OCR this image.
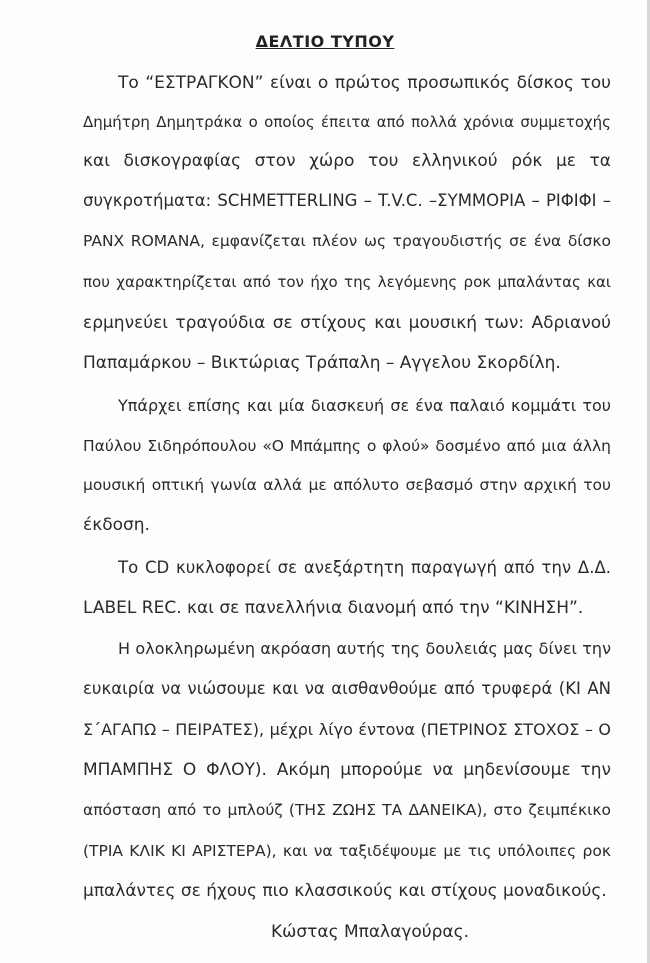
ΔΕΛΤΙΟ ΤΥΠΟΥ
Το “ΕΣΤΡΑΓΚΟΝ” είναι ο πρώτος προσωπικός δίσκος του
Δημήτρη Δημητράκα ο οποίος έπειτα από πολλά χρόνια συμμετοχής
και δισκογραφίας στον χώρο του ελληνικού ρόκ με τα
συγκροτήματα: SCHMETTERLING – T.V.C. –ΣΥΜΜΟΡΙΑ – ΡΙΦΙΦΙ –
PANX ROMANA, εμφανίζεται πλέον ως τραγουδιστής σε ένα δίσκο
που χαρακτηρίζεται από τον ήχο της λεγόμενης ροκ μπαλάντας και
ερμηνεύει τραγούδια σε στίχους και μουσική των: Αδριανού
Παπαμάρκου – Βικτώριας Τράπαλη – Αγγελου Σκορδίλη.
Υπάρχει επίσης και μία διασκευή σε ένα παλαιό κομμάτι του
Παύλου Σιδηρόπουλου «Ο Μπάμπης ο φλού» δοσμένο από μια άλλη
μουσική οπτική γωνία αλλά με απόλυτο σεβασμό στην αρχική του
έκδοση.
Το CD κυκλοφορεί σε ανεξάρτητη παραγωγή από την Δ.Δ.
LABEL REC. και σε πανελλήνια διανομή από την “ΚΙΝΗΣΗ”.
Η ολοκληρωμένη ακρόαση αυτής της δουλειάς μας δίνει την
ευκαιρία να νιώσουμε και να αισθανθούμε από τρυφερά (ΚΙ ΑΝ
Σ΄ΑΓΑΠΩ – ΠΕΙΡΑΤΕΣ), μέχρι λίγο έντονα (ΠΕΤΡΙΝΟΣ ΣΤΟΧΟΣ – Ο
ΜΠΑΜΠΗΣ Ο ΦΛΟΥ). Ακόμη μπορούμε να μηδενίσουμε την
απόσταση από το μπλούζ (ΤΗΣ ΖΩΗΣ ΤΑ ΔΑΝΕΙΚΑ), στο ζειμπέκικο
(ΤΡΙΑ ΚΛΙΚ ΚΙ ΑΡΙΣΤΕΡΑ), και να ταξιδέψουμε με τις υπόλοιπες ροκ
μπαλάντες σε ήχους πιο κλασσικούς και στίχους μοναδικούς.
Κώστας Μπαλαγούρας.
